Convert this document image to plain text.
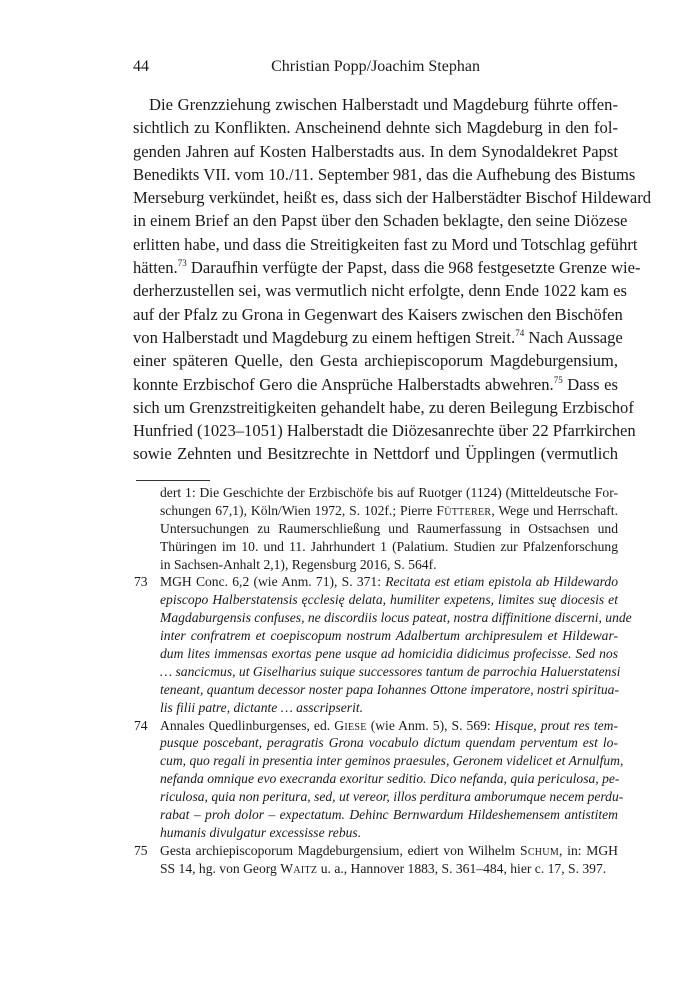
44	Christian Popp/Joachim Stephan
Die Grenzziehung zwischen Halberstadt und Magdeburg führte offen-
sichtlich zu Konflikten. Anscheinend dehnte sich Magdeburg in den fol-
genden Jahren auf Kosten Halberstadts aus. In dem Synodaldekret Papst
Benedikts VII. vom 10./11. September 981, das die Aufhebung des Bistums
Merseburg verkündet, heißt es, dass sich der Halberstädter Bischof Hildeward
in einem Brief an den Papst über den Schaden beklagte, den seine Diözese
erlitten habe, und dass die Streitigkeiten fast zu Mord und Totschlag geführt
hätten.$^{73}$ Daraufhin verfügte der Papst, dass die 968 festgesetzte Grenze wie-
derherzustellen sei, was vermutlich nicht erfolgte, denn Ende 1022 kam es
auf der Pfalz zu Grona in Gegenwart des Kaisers zwischen den Bischöfen
von Halberstadt und Magdeburg zu einem heftigen Streit.$^{74}$ Nach Aussage
einer späteren Quelle, den Gesta archiepiscoporum Magdeburgensium,
konnte Erzbischof Gero die Ansprüche Halberstadts abwehren.$^{75}$ Dass es
sich um Grenzstreitigkeiten gehandelt habe, zu deren Beilegung Erzbischof
Hunfried (1023–1051) Halberstadt die Diözesanrechte über 22 Pfarrkirchen
sowie Zehnten und Besitzrechte in Nettdorf und Üpplingen (vermutlich
dert 1: Die Geschichte der Erzbischöfe bis auf Ruotger (1124) (Mitteldeutsche For-
schungen 67,1), Köln/Wien 1972, S. 102f.; Pierre Fütterer, Wege und Herrschaft.
Untersuchungen zu Raumerschließung und Raumerfassung in Ostsachsen und
Thüringen im 10. und 11. Jahrhundert 1 (Palatium. Studien zur Pfalzenforschung
in Sachsen-Anhalt 2,1), Regensburg 2016, S. 564f.
73 MGH Conc. 6,2 (wie Anm. 71), S. 371: Recitata est etiam epistola ab Hildewardo
episcopo Halberstatensis ęcclesię delata, humiliter expetens, limites suę diocesis et
Magdaburgensis confuses, ne discordiis locus pateat, nostra diffinitione discerni, unde
inter confratrem et coepiscopum nostrum Adalbertum archipresulem et Hildewar-
dum lites immensas exortas pene usque ad homicidia didicimus profecisse. Sed nos
… sancicmus, ut Giselharius suique successores tantum de parrochia Haluerstatensi
teneant, quantum decessor noster papa Iohannes Ottone imperatore, nostri spiritua-
lis filii patre, dictante … asscripserit.
74 Annales Quedlinburgenses, ed. Giese (wie Anm. 5), S. 569: Hisque, prout res tem-
pusque poscebant, peragratis Grona vocabulo dictum quendam perventum est lo-
cum, quo regali in presentia inter geminos praesules, Geronem videlicet et Arnulfum,
nefanda omnique evo execranda exoritur seditio. Dico nefanda, quia periculosa, pe-
riculosa, quia non peritura, sed, ut vereor, illos perditura amborumque necem perdu-
rabat – proh dolor – expectatum. Dehinc Bernwardum Hildeshemensem antistitem
humanis divulgatur excessisse rebus.
75 Gesta archiepiscoporum Magdeburgensium, ediert von Wilhelm Schum, in: MGH
SS 14, hg. von Georg Waitz u. a., Hannover 1883, S. 361–484, hier c. 17, S. 397.
